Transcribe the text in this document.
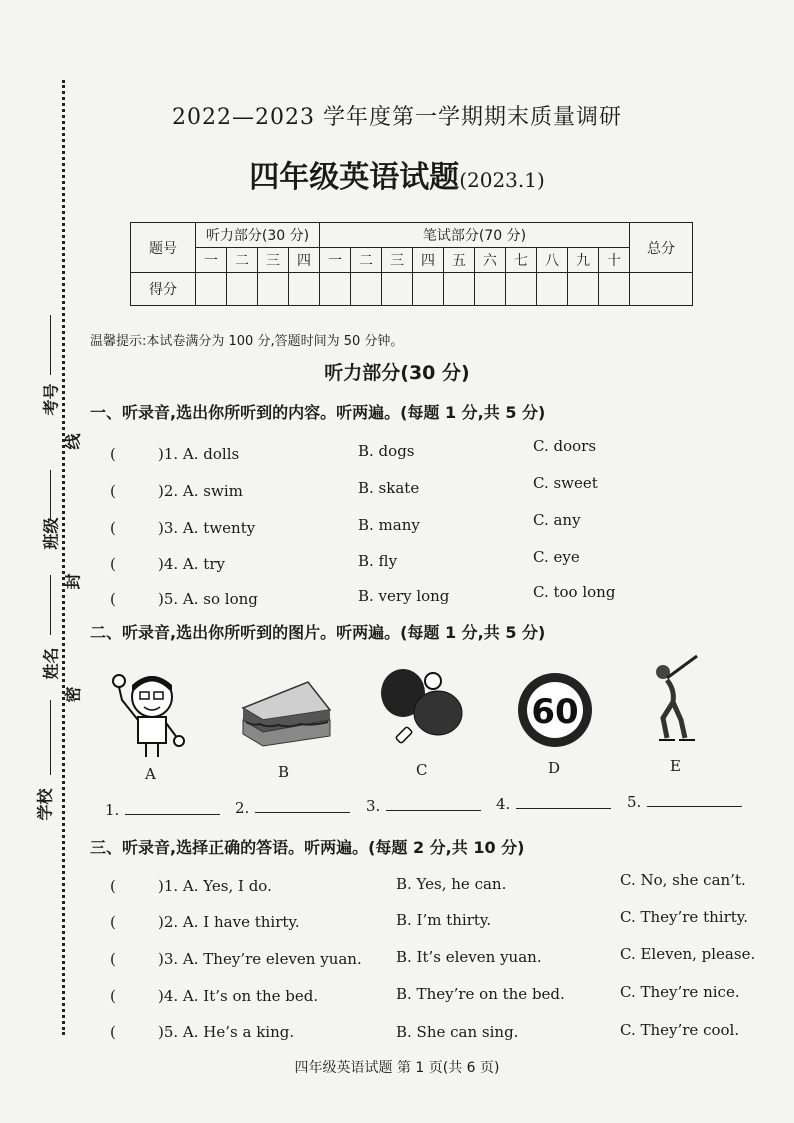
考号
线
班级
封
姓名
密
学校
2022—2023 学年度第一学期期末质量调研
四年级英语试题(2023.1)
题号	听力部分(30 分)				笔试部分(70 分)										总分
	一	二	三	四	一	二	三	四	五	六	七	八	九	十	
得分															
温馨提示:本试卷满分为 100 分,答题时间为 50 分钟。
听力部分(30 分)
一、听录音,选出你所听到的内容。听两遍。(每题 1 分,共 5 分)
(	)1. A. dolls	B. dogs	C. doors
(	)2. A. swim	B. skate	C. sweet
(	)3. A. twenty	B. many	C. any
(	)4. A. try	B. fly	C. eye
(	)5. A. so long	B. very long	C. too long
二、听录音,选出你所听到的图片。听两遍。(每题 1 分,共 5 分)
60
A	B	C	D	E
1.	2.	3.	4.	5.
三、听录音,选择正确的答语。听两遍。(每题 2 分,共 10 分)
(	)1. A. Yes, I do.	B. Yes, he can.	C. No, she can’t.
(	)2. A. I have thirty.	B. I’m thirty.	C. They’re thirty.
(	)3. A. They’re eleven yuan. B. It’s eleven yuan.	C. Eleven, please.
(	)4. A. It’s on the bed.	B. They’re on the bed.	C. They’re nice.
(	)5. A. He’s a king.	B. She can sing.	C. They’re cool.
四年级英语试题 第 1 页(共 6 页)
